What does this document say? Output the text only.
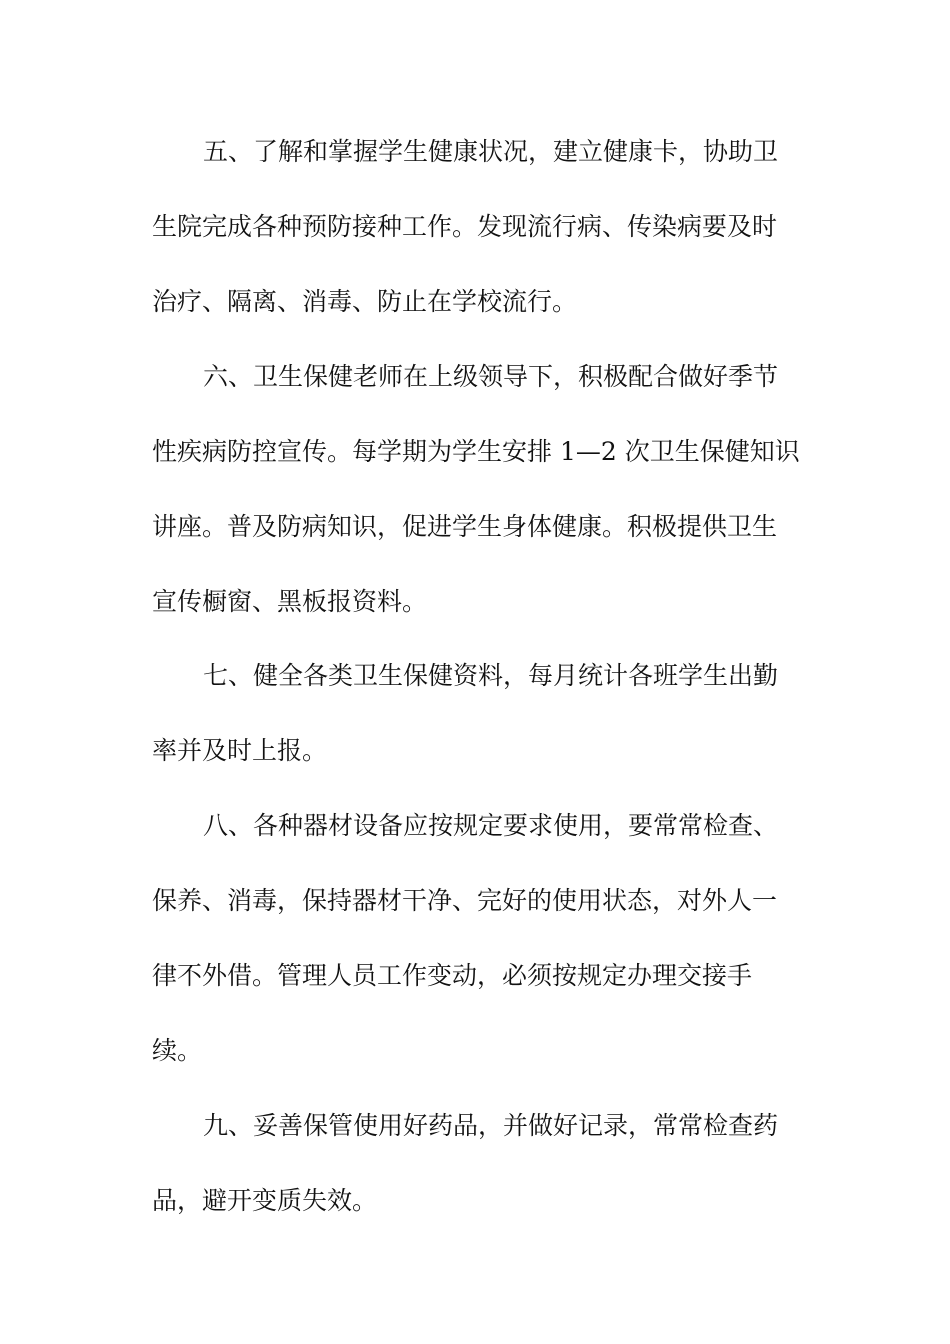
五、了解和掌握学生健康状况，建立健康卡，协助卫
生院完成各种预防接种工作。发现流行病、传染病要及时
治疗、隔离、消毒、防止在学校流行。
六、卫生保健老师在上级领导下，积极配合做好季节
性疾病防控宣传。每学期为学生安排 1—2 次卫生保健知识
讲座。普及防病知识，促进学生身体健康。积极提供卫生
宣传橱窗、黑板报资料。
七、健全各类卫生保健资料，每月统计各班学生出勤
率并及时上报。
八、各种器材设备应按规定要求使用，要常常检查、
保养、消毒，保持器材干净、完好的使用状态，对外人一
律不外借。管理人员工作变动，必须按规定办理交接手
续。
九、妥善保管使用好药品，并做好记录，常常检查药
品，避开变质失效。
